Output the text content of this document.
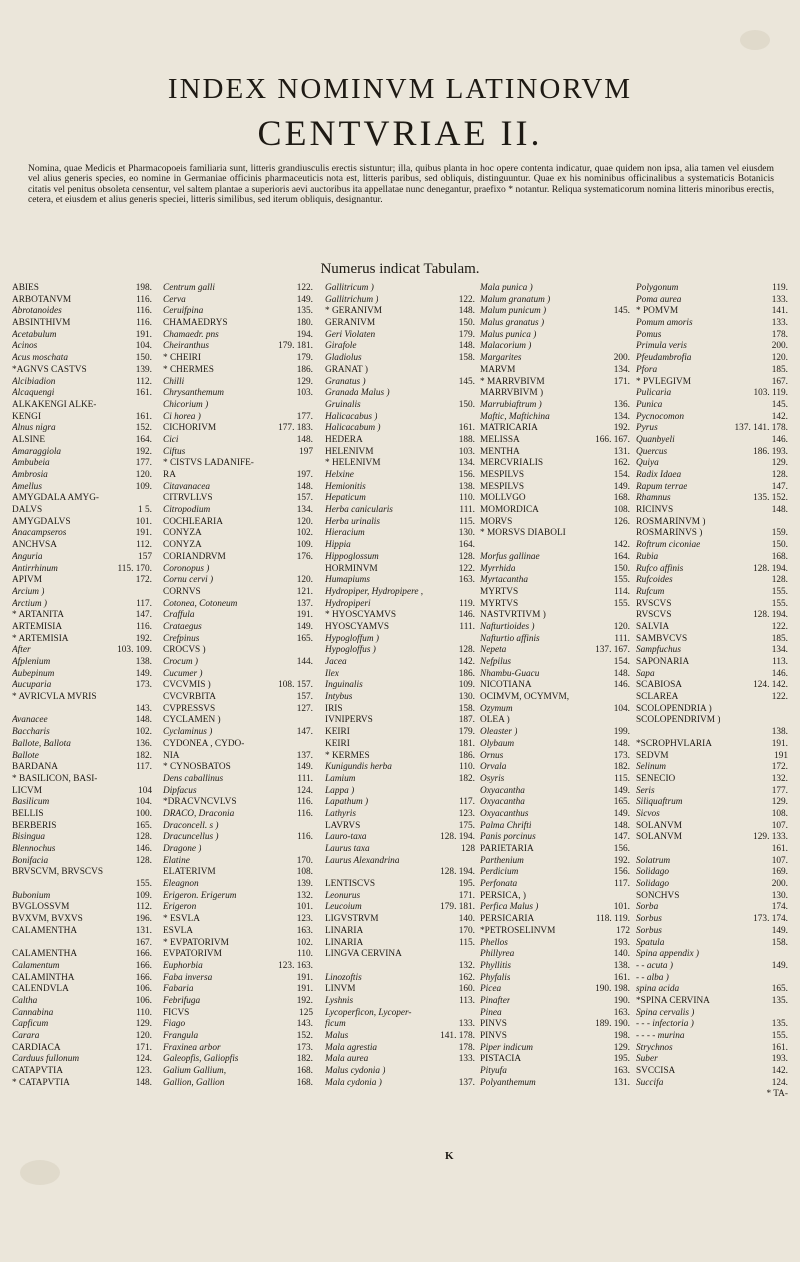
INDEX NOMINVM LATINORVM
CENTVRIAE II.
Nomina, quae Medicis et Pharmacopoeis familiaria sunt, litteris grandiusculis erectis sistuntur; illa, quibus planta in hoc opere contenta indicatur, quae quidem non ipsa, alia tamen vel eiusdem vel alius generis species, eo nomine in Germaniae officinis pharmaceuticis nota est, litteris paribus, sed obliquis, distinguuntur. Quae ex his nominibus officinalibus a systematicis Botanicis citatis vel penitus obsoleta censentur, vel saltem plantae a superioris aevi auctoribus ita appellatae nunc denegantur, praefixo * notantur. Reliqua systematicorum nomina litteris minoribus erectis, cetera, et eiusdem et alius generis speciei, litteris similibus, sed iterum obliquis, designantur.
Numerus indicat Tabulam.
ABIES	198.
ARBOTANVM	116.
Abrotanoides	116.
ABSINTHIVM	116.
Acetabulum	191.
Acinos	104.
Acus moschata	150.
*AGNVS CASTVS	139.
Alcibiadion	112.
Alcaquengi	161.
ALKAKENGI ALKE-
KENGI	161.
Alnus nigra	152.
ALSINE	164.
Amaraggiola	192.
Ambubeia	177.
Ambrosia	120.
Amellus	109.
AMYGDALA AMYG-
DALVS	1 5.
AMYGDALVS	101.
Anacampseros	191.
ANCHVSA	112.
Anguria	157
Antirrhinum	115. 170.
APIVM	172.
Arcium )
Arctium )	117.
* ARTANITA	147.
ARTEMISIA	116.
* ARTEMISIA	192.
After	103. 109.
Afplenium	138.
Aubepinum	149.
Aucuparia	173.
* AVRICVLA MVRIS
143.
Avanacee	148.
Baccharis	102.
Ballote, Ballota	136.
Ballote	182.
BARDANA	117.
* BASILICON, BASI-
LICVM	104
Basilicum	104.
BELLIS	100.
BERBERIS	165.
Bisingua	128.
Blennochus	146.
Bonifacia	128.
BRVSCVM, BRVSCVS
155.
Bubonium	109.
BVGLOSSVM	112.
BVXVM, BVXVS	196.
CALAMENTHA	131.
167.
CALAMENTHA	166.
Calamentum	166.
CALAMINTHA	166.
CALENDVLA	106.
Caltha	106.
Cannabina	110.
Capficum	129.
Carara	120.
CARDIACA	171.
Carduus fullonum	124.
CATAPVTIA	123.
* CATAPVTIA	148.
Centrum galli	122.
Cerva	149.
Ceruifpina	135.
CHAMAEDRYS	180.
Chamaedr. pns	194.
Cheiranthus	179. 181.
* CHEIRI	179.
* CHERMES	186.
Chilli	129.
Chrysanthemum	103.
Chicorium )
Ci horea )	177.
CICHORIVM	177. 183.
Cici	148.
Ciftus	197
* CISTVS LADANIFE-
RA	197.
Citavanacea	148.
CITRVLLVS	157.
Citropodium	134.
COCHLEARIA	120.
CONYZA	102.
CONYZA	109.
CORIANDRVM	176.
Coronopus )
Cornu cervi )	120.
CORNVS	121.
Cotonea, Cotoneum	137.
Craffula	191.
Crataegus	149.
Crefpinus	165.
CROCVS )
Crocum )	144.
Cucumer )
CVCVMIS )	108. 157.
CVCVRBITA	157.
CVPRESSVS	127.
CYCLAMEN )
Cyclaminus )	147.
CYDONEA , CYDO-
NIA	137.
* CYNOSBATOS	149.
Dens caballinus	111.
Dipfacus	124.
*DRACVNCVLVS	116.
DRACO, Draconia	116.
Draconcell. s )
Dracuncellus )	116.
Dragone )
Elatine	170.
ELATERIVM	108.
Eleagnon	139.
Erigeron. Erigerum	132.
Erigeron	101.
* ESVLA	123.
ESVLA	163.
* EVPATORIVM	102.
EVPATORIVM	110.
Euphorbia	123. 163.
Faba inversa	191.
Fabaria	191.
Febrifuga	192.
FICVS	125
Fiago	143.
Frangula	152.
Fraxinea arbor	173.
Galeopfis, Galiopfis	182.
Galium Gallium,	168.
Gallion, Gallion	168.
Gallitricum )
Gallitrichum )	122.
* GERANIVM	148.
GERANIVM	150.
Geri Violaten	179.
Girafole	148.
Gladiolus	158.
GRANAT )
Granatus )	145.
Granada Malus )
Gruinalis	150.
Halicacabus )
Halicacabum )	161.
HEDERA	188.
HELENIVM	103.
* HELENIVM	134.
Helxine	156.
Hemionitis	138.
Hepaticum	110.
Herba canicularis	111.
Herba urinalis	115.
Hieracium	130.
Hippia	164.
Hippoglossum	128.
HORMINVM	122.
Humapiums	163.
Hydropiper, Hydropipere ,
Hydropiperi	119.
* HYOSCYAMVS	146.
HYOSCYAMVS	111.
Hypogloffum )
Hypogloffus )	128.
Jacea	142.
Ilex	186.
Inguinalis	109.
Intybus	130.
IRIS	158.
IVNIPERVS	187.
KEIRI	179.
KEIRI	181.
* KERMES	186.
Kunigundis herba	110.
Lamium	182.
Lappa )
Lapathum )	117.
Lathyris	123.
LAVRVS	175.
Lauro-taxa	128. 194.
Laurus taxa	128
Laurus Alexandrina
128. 194.
LENTISCVS	195.
Leonurus	171.
Leucoium	179. 181.
LIGVSTRVM	140.
LINARIA	170.
LINARIA	115.
LINGVA CERVINA
132.
Linozoftis	162.
LINVM	160.
Lyshnis	113.
Lycoperficon, Lycoper-
ficum	133.
Malus	141. 178.
Mala agrestia	178.
Mala aurea	133.
Malus cydonia )
Mala cydonia )	137.
Mala punica )
Malum granatum )
Malum punicum )	145.
Malus granatus )
Malus punica )
Malacorium )
Margarites	200.
MARVM	134.
* MARRVBIVM	171.
MARRVBIVM )
Marrubiaftrum )	136.
Maftic, Maftichina	134.
MATRICARIA	192.
MELISSA	166. 167.
MENTHA	131.
MERCVRIALIS	162.
MESPILVS	154.
MESPILVS	149.
MOLLVGO	168.
MOMORDICA	108.
MORVS	126.
* MORSVS DIABOLI
142.
Morfus gallinae	164.
Myrrhida	150.
Myrtacantha	155.
MYRTVS	114.
MYRTVS	155.
NASTVRTIVM )
Nafturtioides )	120.
Nafturtio affinis	111.
Nepeta	137. 167.
Nefpilus	154.
Nhambu-Guacu	148.
NICOTIANA	146.
OCIMVM, OCYMVM,
Ozymum	104.
OLEA )
Oleaster )	199.
Olybaum	148.
Ornus	173.
Orvala	182.
Osyris	115.
Oxyacantha	149.
Oxyacantha	165.
Oxyacanthus	149.
Palma Chrifti	148.
Panis porcinus	147.
PARIETARIA	156.
Parthenium	192.
Perdicium	156.
Perfonata	117.
PERSICA, )
Perfica Malus )	101.
PERSICARIA	118. 119.
*PETROSELINVM	172
Phellos	193.
Phillyrea	140.
Phyllitis	138.
Phyfalis	161.
Picea	190. 198.
Pinafter	190.
Pinea	163.
PINVS	189. 190.
PINVS	198.
Piper indicum	129.
PISTACIA	195.
Pityufa	163.
Polyanthemum	131.
Polygonum	119.
Poma aurea	133.
* POMVM	141.
Pomum amoris	133.
Pomus	178.
Primula veris	200.
Pfeudambrofia	120.
Pfora	185.
* PVLEGIVM	167.
Pulicaria	103. 119.
Punica	145.
Pycnocomon	142.
Pyrus	137. 141. 178.
Quanbyeli	146.
Quercus	186. 193.
Quiya	129.
Radix Idaea	128.
Rapum terrae	147.
Rhamnus	135. 152.
RICINVS	148.
ROSMARINVM )
ROSMARINVS )	159.
Roftrum ciconiae	150.
Rubia	168.
Rufco affinis	128. 194.
Rufcoides	128.
Rufcum	155.
RVSCVS	155.
RVSCVS	128. 194.
SALVIA	122.
SAMBVCVS	185.
Sampfuchus	134.
SAPONARIA	113.
Sapa	146.
SCABIOSA	124. 142.
SCLAREA	122.
SCOLOPENDRIA )
SCOLOPENDRIVM )
138.
*SCROPHVLARIA	191.
SEDVM	191
Selinum	172.
SENECIO	132.
Seris	177.
Siliquaftrum	129.
Sicvos	108.
SOLANVM	107.
SOLANVM	129. 133.
161.
Solatrum	107.
Solidago	169.
Solidago	200.
SONCHVS	130.
Sorba	174.
Sorbus	173. 174.
Sorbus	149.
Spatula	158.
Spina appendix )
- - acuta )	149.
- - alba )
spina acida	165.
*SPINA CERVINA	135.
Spina cervalis )
- - - infectoria )	135.
- - - - murina	155.
Strychnos	161.
Suber	193.
SVCCISA	142.
Succifa	124.
* TA-
K
